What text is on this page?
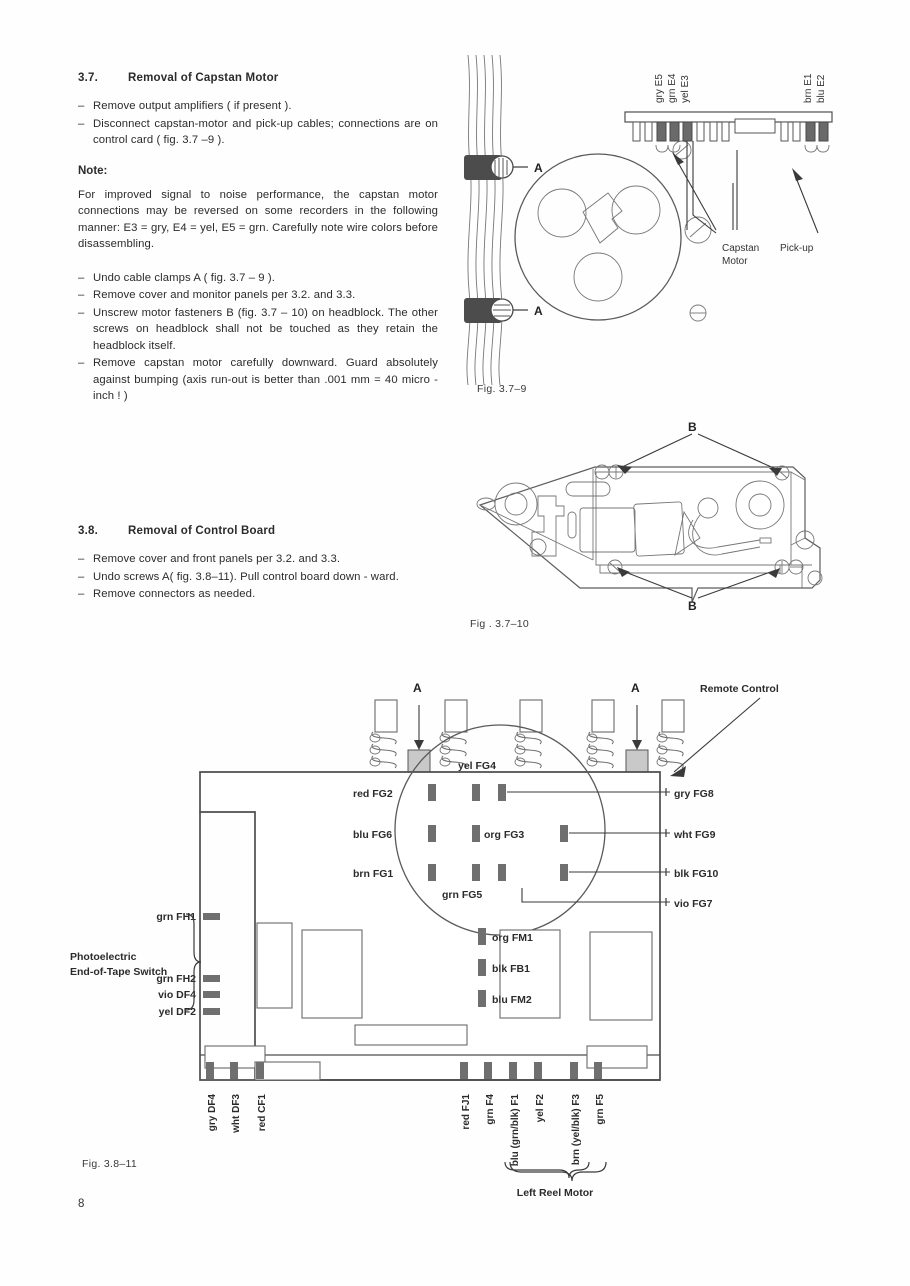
3.7.	Removal of Capstan Motor
– Remove output amplifiers ( if present ).
– Disconnect capstan-motor and pick-up cables; connections are on control card ( fig. 3.7 –9 ).
Note:

For improved signal to noise performance, the capstan motor connections may be reversed on some recorders in the following manner: E3 = gry, E4 = yel, E5 = grn. Carefully note wire colors before disassembling.

– Undo cable clamps A ( fig. 3.7 – 9 ).
– Remove cover and monitor panels per 3.2. and 3.3.
– Unscrew motor fasteners B (fig. 3.7 – 10) on headblock. The other screws on headblock shall not be touched as they retain the headblock itself.
– Remove capstan motor carefully downward. Guard absolutely against bumping (axis run-out is better than .001 mm = 40 micro - inch ! )
3.8.	Removal of Control Board
– Remove cover and front panels per 3.2. and 3.3.
– Undo screws A( fig. 3.8–11). Pull control board down - ward.
– Remove connectors as needed.
A
A
gry E5 grn E4 yel E3	brn E1 blu E2
Capstan
Motor
Pick-up
Fig. 3.7–9
B
B
Fig . 3.7–10
A	A	Remote Control
red FG2
blu FG6
brn FG1
yel FG4
org FG3
grn FG5
gry FG8
wht FG9
blk FG10
vio FG7
grn FH1
grn FH2
vio DF4
yel DF2
Photoelectric
End-of-Tape Switch
org FM1
blk FB1
blu FM2
gry DF4 wht DF3 red CF1	red FJ1 grn F4 blu (grn/blk) F1 yel F2	brn (yel/blk) F3 grn F5
Left Reel Motor
Fig. 3.8–11
8
